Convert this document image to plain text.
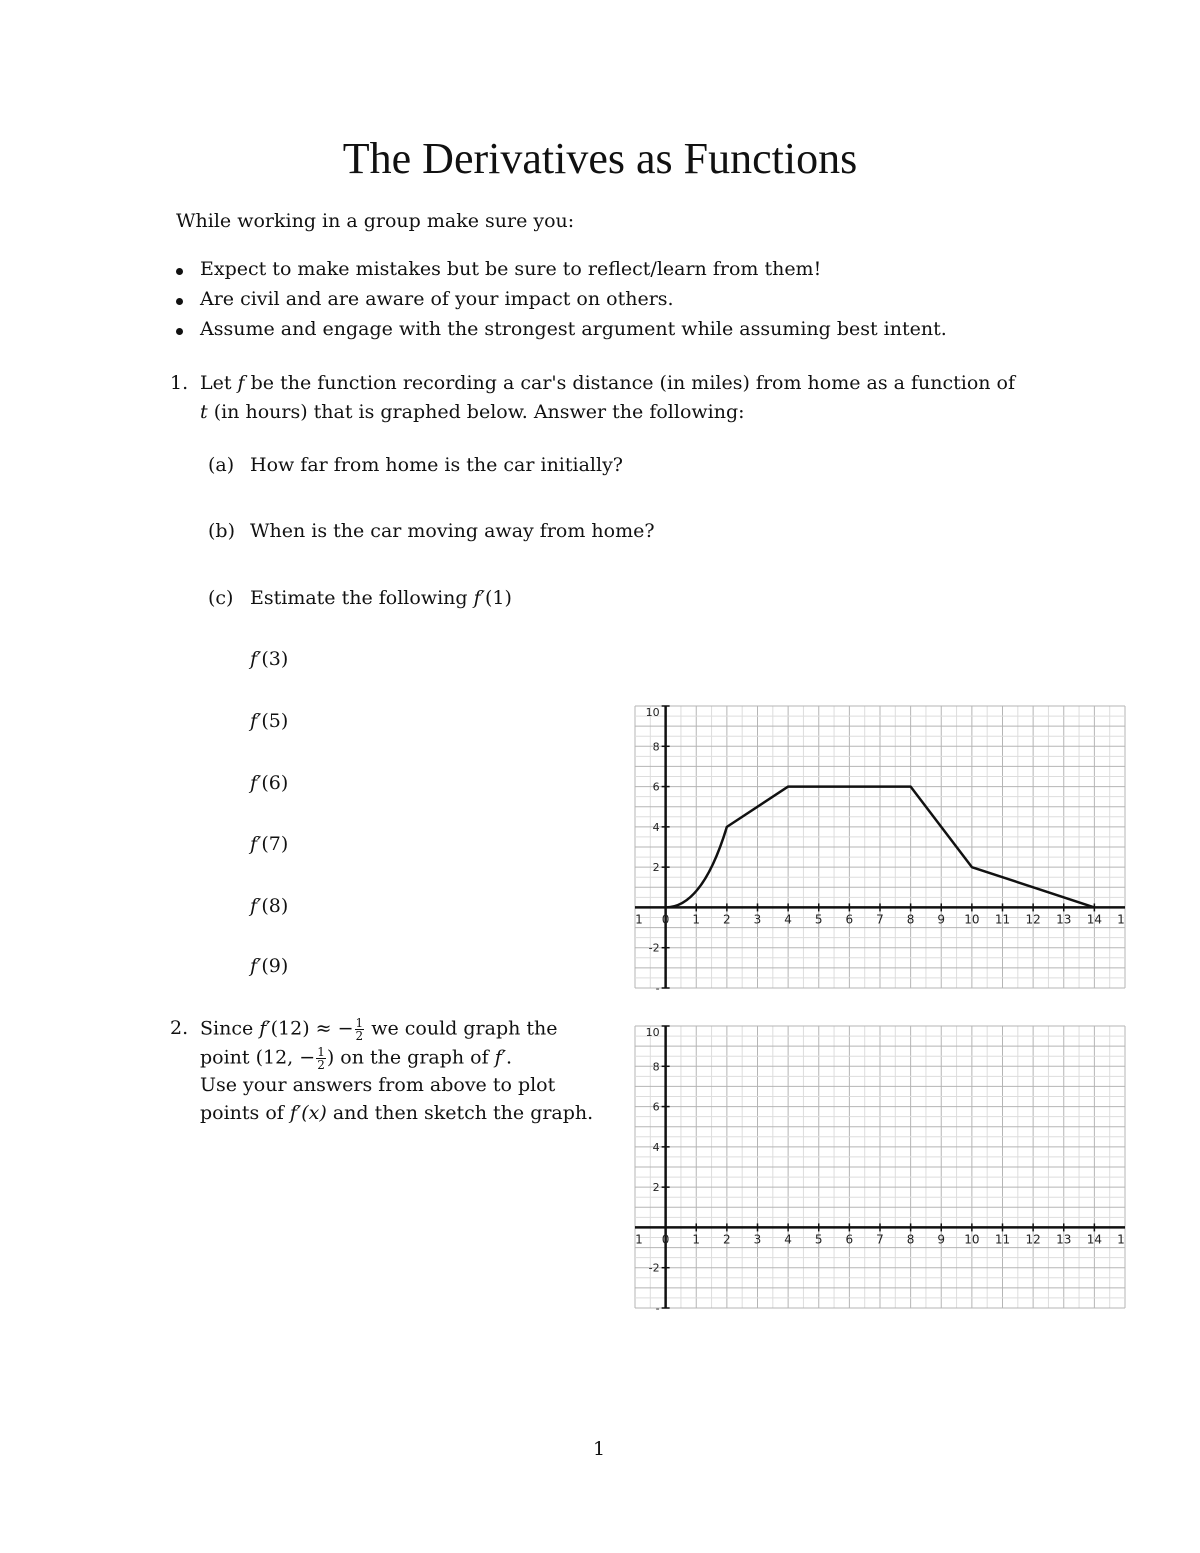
The Derivatives as Functions
While working in a group make sure you:
Expect to make mistakes but be sure to reflect/learn from them!
Are civil and are aware of your impact on others.
Assume and engage with the strongest argument while assuming best intent.
1. Let f be the function recording a car's distance (in miles) from home as a function of
t (in hours) that is graphed below. Answer the following:
(a) How far from home is the car initially?
(b) When is the car moving away from home?
(c) Estimate the following f′(1)
f′(3)
f′(5)
f′(6)
f′(7)
f′(8)
f′(9)
2. Since f′(12) ≈ − $\frac{1}{2}$ we could graph the
point (12, − $\frac{1}{2}$ ) on the graph of f′.
Use your answers from above to plot
points of f′(x) and then sketch the graph.
1 0 1 2 3 4 5 6 7 8 9 10 11 12 13 14 1
10
8
6
4
2
-2
-
1 0 1 2 3 4 5 6 7 8 9 10 11 12 13 14 1
10
8
6
4
2
-2
-
1
